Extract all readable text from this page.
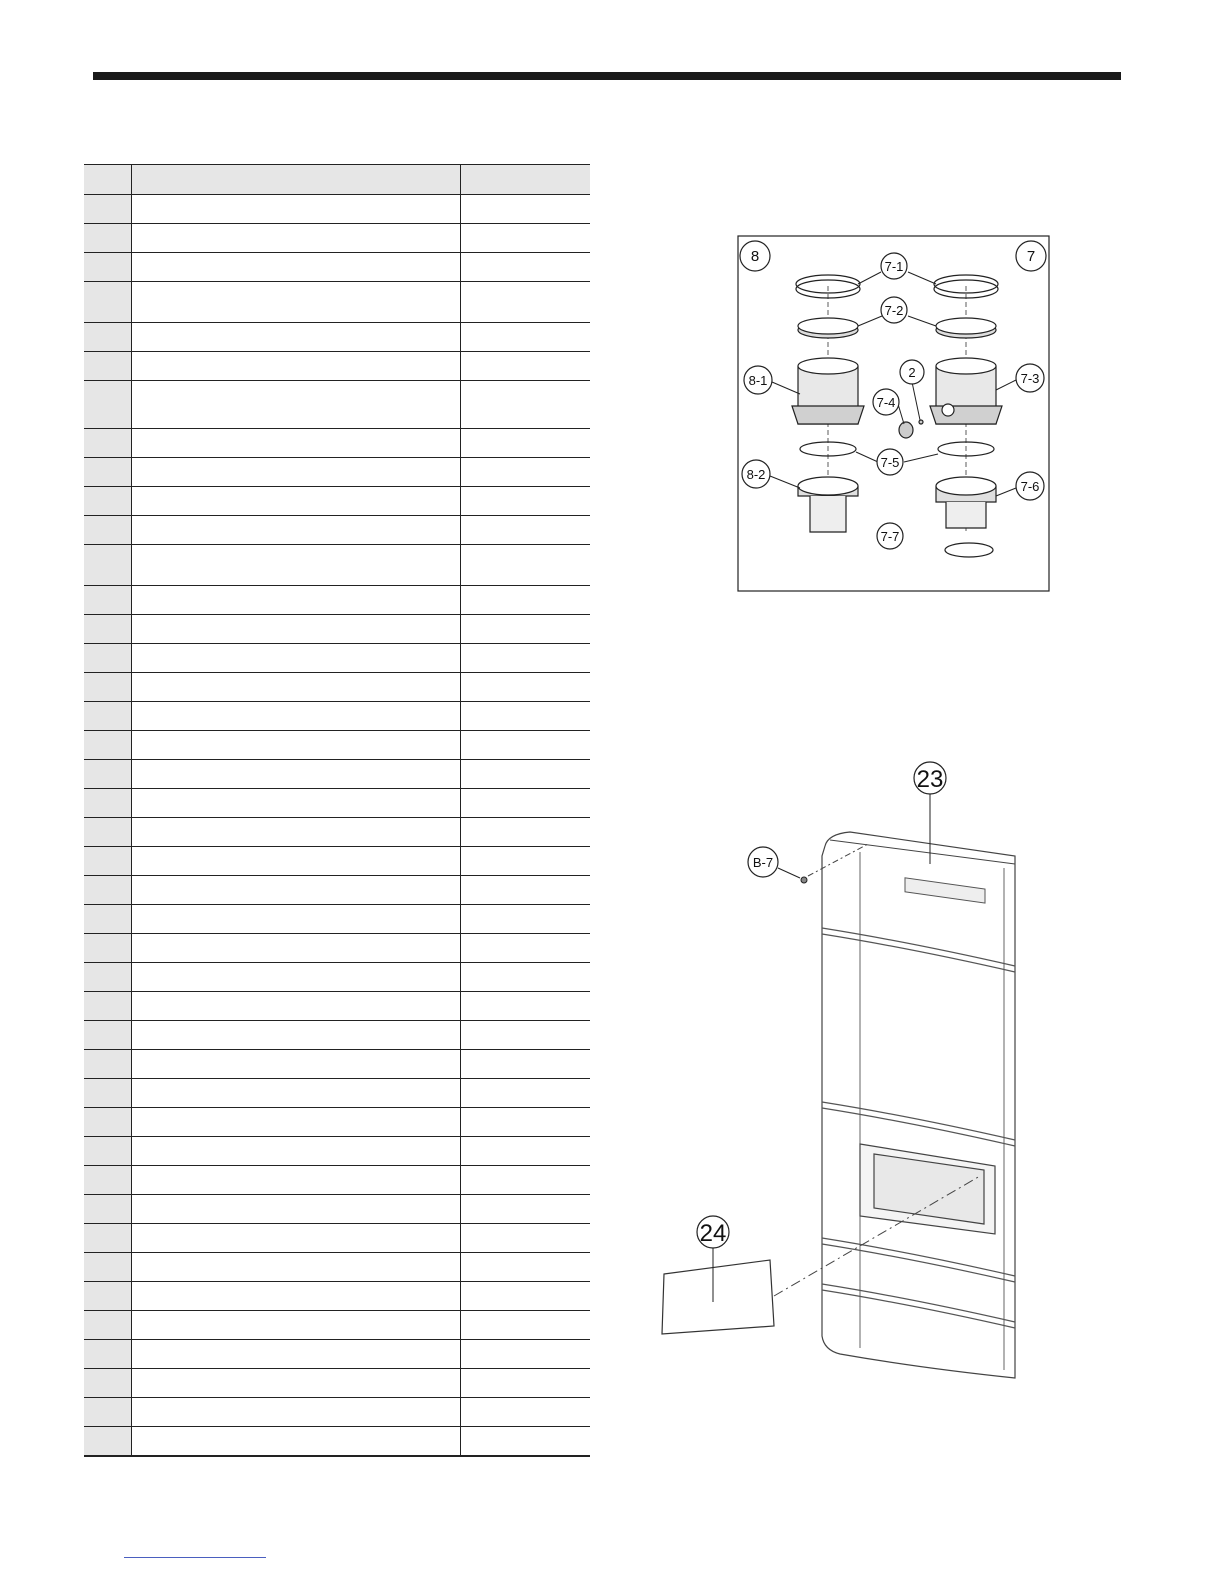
8	7
7-1
7-2
2
8-1	7-3
7-4
7-5
8-2
7-6
7-7
23
B-7
24
